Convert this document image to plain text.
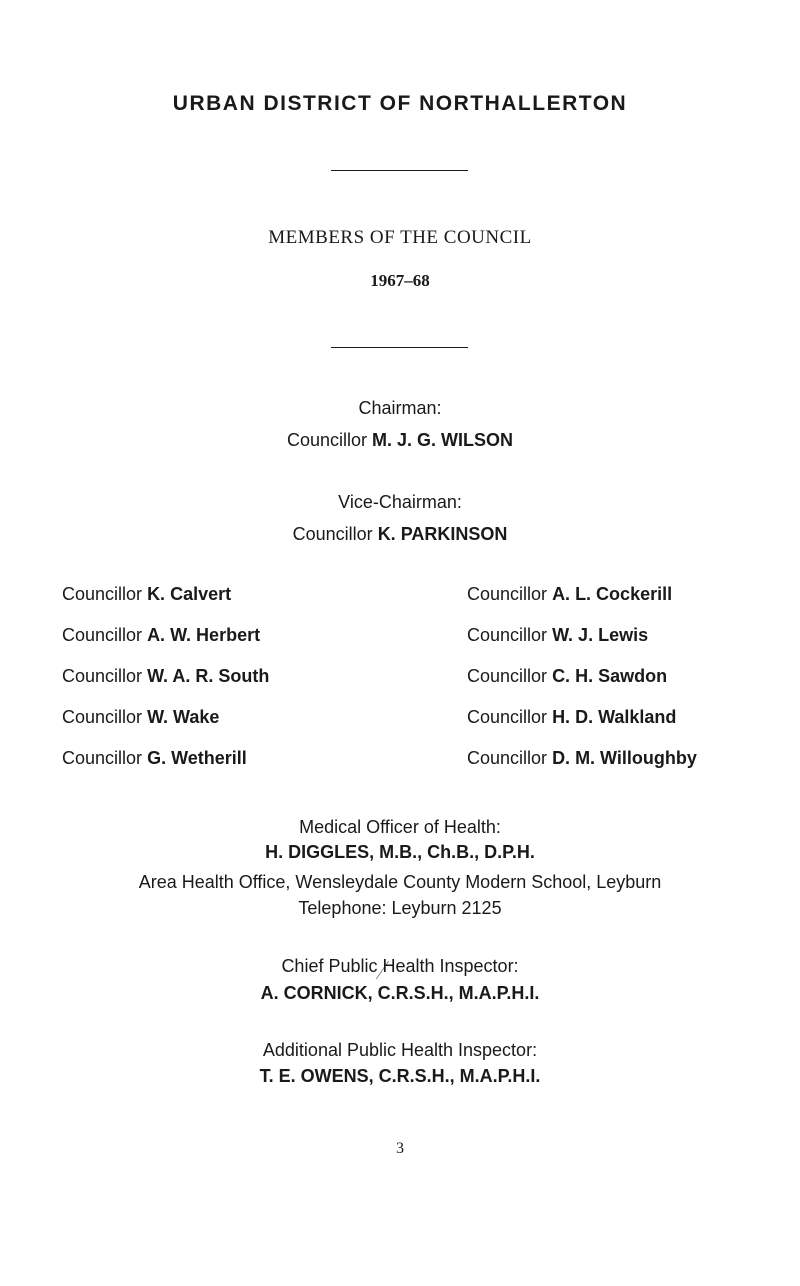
URBAN DISTRICT OF NORTHALLERTON
MEMBERS OF THE COUNCIL
1967–68
Chairman:
Councillor M. J. G. WILSON
Vice-Chairman:
Councillor K. PARKINSON
Councillor K. Calvert
Councillor A. W. Herbert
Councillor W. A. R. South
Councillor W. Wake
Councillor G. Wetherill
Councillor A. L. Cockerill
Councillor W. J. Lewis
Councillor C. H. Sawdon
Councillor H. D. Walkland
Councillor D. M. Willoughby
Medical Officer of Health:
H. DIGGLES, M.B., Ch.B., D.P.H.
Area Health Office, Wensleydale County Modern School, Leyburn
Telephone: Leyburn 2125
Chief Public Health Inspector:
A. CORNICK, C.R.S.H., M.A.P.H.I.
Additional Public Health Inspector:
T. E. OWENS, C.R.S.H., M.A.P.H.I.
3
